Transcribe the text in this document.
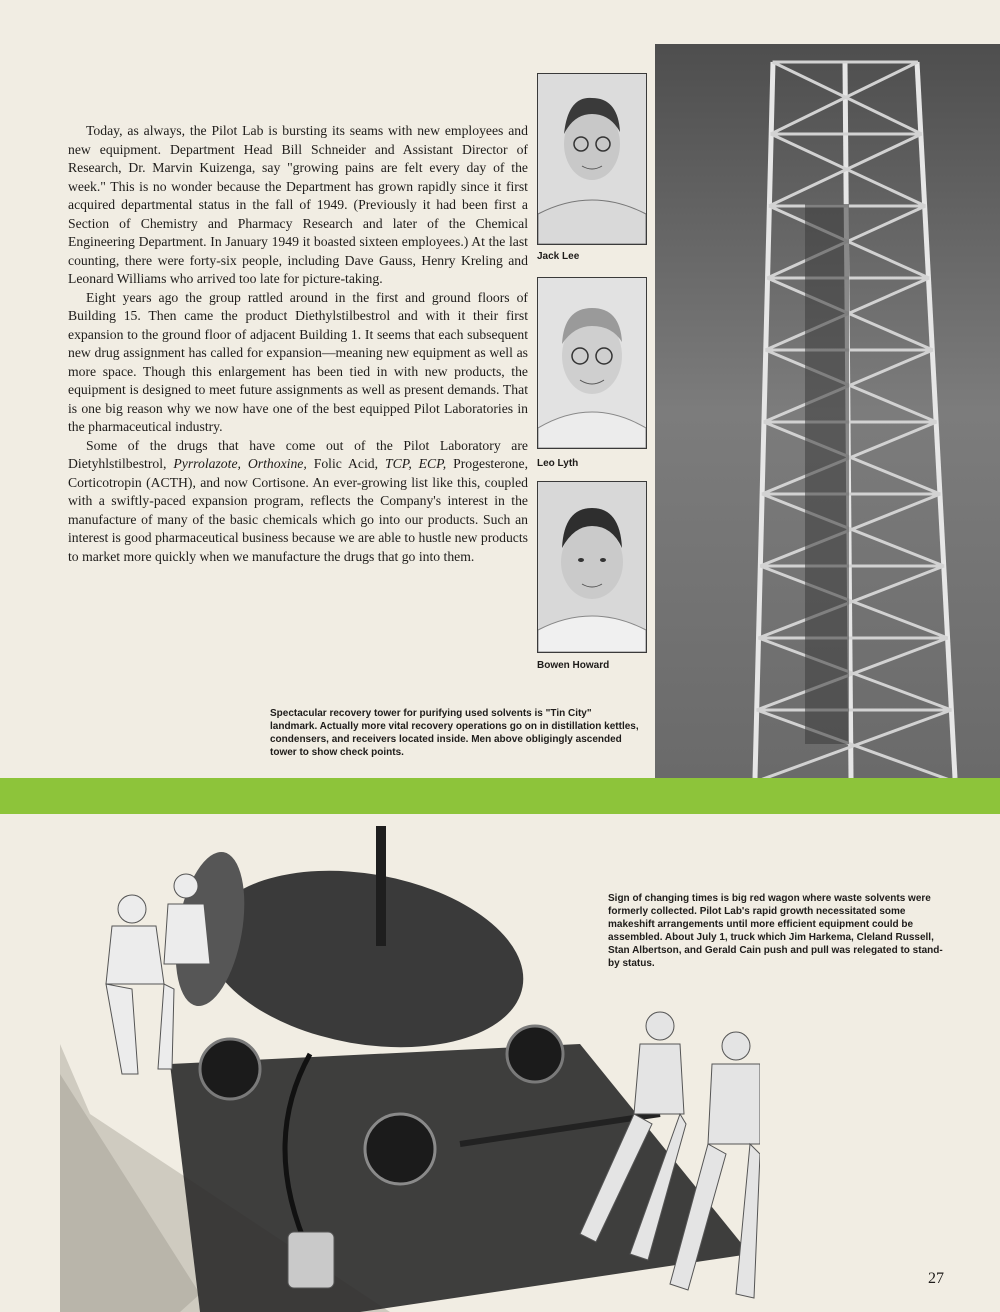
Today, as always, the Pilot Lab is bursting its seams with new employees and new equipment. Department Head Bill Schneider and Assistant Director of Research, Dr. Marvin Kuizenga, say "growing pains are felt every day of the week." This is no wonder because the Department has grown rapidly since it first acquired departmental status in the fall of 1949. (Previously it had been first a Section of Chemistry and Pharmacy Research and later of the Chemical Engineering Department. In January 1949 it boasted sixteen employees.) At the last counting, there were forty-six people, including Dave Gauss, Henry Kreling and Leonard Williams who arrived too late for picture-taking.

Eight years ago the group rattled around in the first and ground floors of Building 15. Then came the product Diethylstilbestrol and with it their first expansion to the ground floor of adjacent Building 1. It seems that each subsequent new drug assignment has called for expansion—meaning new equipment as well as more space. Though this enlargement has been tied in with new products, the equipment is designed to meet future assignments as well as present demands. That is one big reason why we now have one of the best equipped Pilot Laboratories in the pharmaceutical industry.

Some of the drugs that have come out of the Pilot Laboratory are Dietyhlstilbestrol, Pyrrolazote, Orthoxine, Folic Acid, TCP, ECP, Progesterone, Corticotropin (ACTH), and now Cortisone. An ever-growing list like this, coupled with a swiftly-paced expansion program, reflects the Company's interest in the manufacture of many of the basic chemicals which go into our products. Such an interest is good pharmaceutical business because we are able to hustle new products to market more quickly when we manufacture the drugs that go into them.

Jack Lee
Leo Lyth
Bowen Howard
Spectacular recovery tower for purifying used solvents is "Tin City" landmark. Actually more vital recovery operations go on in distillation kettles, condensers, and receivers located inside. Men above obligingly ascended tower to show check points.
Sign of changing times is big red wagon where waste solvents were formerly collected. Pilot Lab's rapid growth necessitated some makeshift arrangements until more efficient equipment could be assembled. About July 1, truck which Jim Harkema, Cleland Russell, Stan Albertson, and Gerald Cain push and pull was relegated to stand-by status.
27
